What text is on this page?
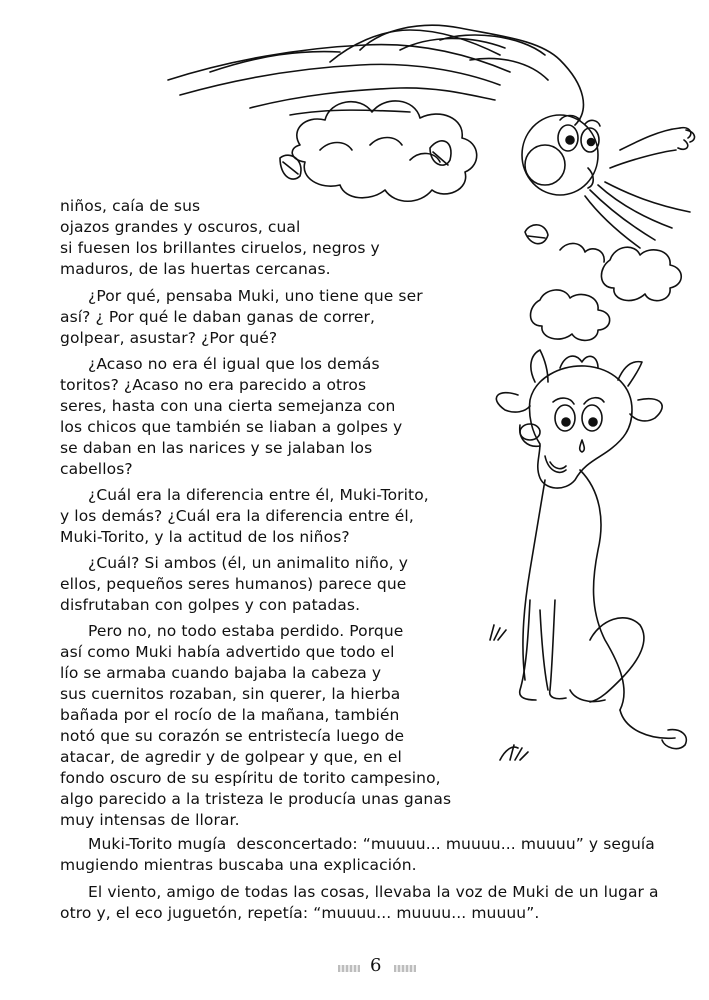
niños, caía de sus
ojazos grandes y oscuros, cual
si fuesen los brillantes ciruelos, negros y
maduros, de las huertas cercanas.
¿Por qué, pensaba Muki, uno tiene que ser
así? ¿ Por qué le daban ganas de correr,
golpear, asustar? ¿Por qué?
¿Acaso no era él igual que los demás
toritos? ¿Acaso no era parecido a otros
seres, hasta con una cierta semejanza con
los chicos que también se liaban a golpes y
se daban en las narices y se jalaban los
cabellos?
¿Cuál era la diferencia entre él, Muki-Torito,
y los demás? ¿Cuál era la diferencia entre él,
Muki-Torito, y la actitud de los niños?
¿Cuál? Si ambos (él, un animalito niño, y
ellos, pequeños seres humanos) parece que
disfrutaban con golpes y con patadas.
Pero no, no todo estaba perdido. Porque
así como Muki había advertido que todo el
lío se armaba cuando bajaba la cabeza y
sus cuernitos rozaban, sin querer, la hierba
bañada por el rocío de la mañana, también
notó que su corazón se entristecía luego de
atacar, de agredir y de golpear y que, en el
fondo oscuro de su espíritu de torito campesino,
algo parecido a la tristeza le producía unas ganas
muy intensas de llorar.
Muki-Torito mugía  desconcertado: “muuuu... muuuu... muuuu” y seguía
mugiendo mientras buscaba una explicación.
El viento, amigo de todas las cosas, llevaba la voz de Muki de un lugar a
otro y, el eco juguetón, repetía: “muuuu... muuuu... muuuu”.
6
